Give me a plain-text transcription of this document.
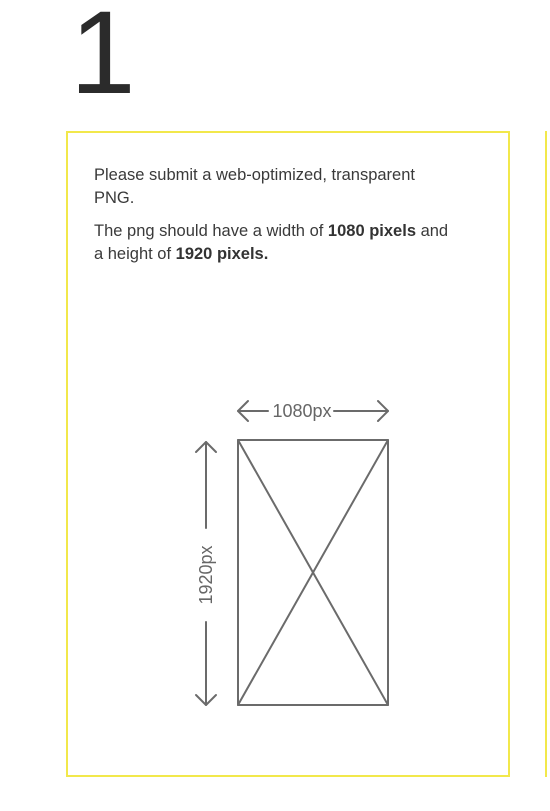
1

Please submit a web-optimized, transparent PNG.

The png should have a width of 1080 pixels and a height of 1920 pixels.

1080px
1920px
